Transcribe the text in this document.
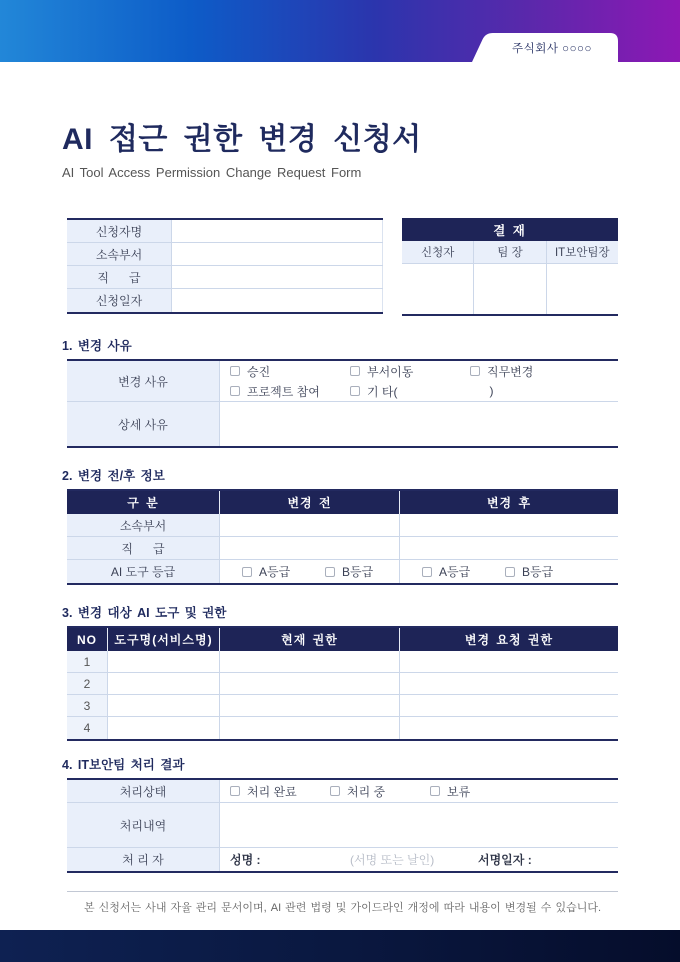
주식회사 ○○○○
AI 접근 권한 변경 신청서
AI Tool Access Permission Change Request Form
신청자명
소속부서
직      급
신청일자
결 재
신청자	팀 장	IT보안팀장
1. 변경 사유
변경 사유
승진	부서이동	직무변경
프로젝트 참여	기 타(	)
상세 사유
2. 변경 전/후 정보
구 분	변경 전	변경 후
소속부서
직      급
AI 도구 등급	A등급	B등급	A등급	B등급
3. 변경 대상 AI 도구 및 권한
NO	도구명(서비스명)	현재 권한	변경 요청 권한
1
2
3
4
4. IT보안팀 처리 결과
처리상태	처리 완료	처리 중	보류
처리내역
처 리 자	성명 :	(서명 또는 날인)	서명일자 :
본 신청서는 사내 자율 관리 문서이며, AI 관련 법령 및 가이드라인 개정에 따라 내용이 변경될 수 있습니다.
